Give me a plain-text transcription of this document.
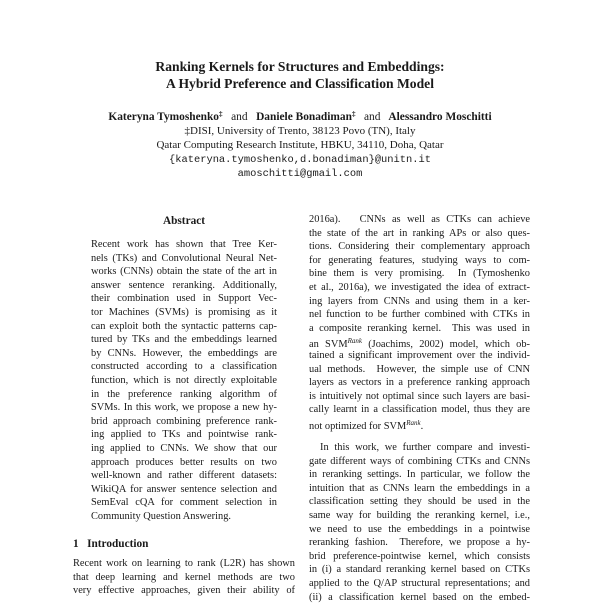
Ranking Kernels for Structures and Embeddings:
A Hybrid Preference and Classification Model
Kateryna Tymoshenko‡ and Daniele Bonadiman‡ and Alessandro Moschitti
‡DISI, University of Trento, 38123 Povo (TN), Italy
Qatar Computing Research Institute, HBKU, 34110, Doha, Qatar
{kateryna.tymoshenko,d.bonadiman}@unitn.it
amoschitti@gmail.com
Abstract
Recent work has shown that Tree Ker-
nels (TKs) and Convolutional Neural Net-
works (CNNs) obtain the state of the art in
answer sentence reranking. Additionally,
their combination used in Support Vec-
tor Machines (SVMs) is promising as it
can exploit both the syntactic patterns cap-
tured by TKs and the embeddings learned
by CNNs. However, the embeddings are
constructed according to a classification
function, which is not directly exploitable
in the preference ranking algorithm of
SVMs. In this work, we propose a new hy-
brid approach combining preference rank-
ing applied to TKs and pointwise rank-
ing applied to CNNs. We show that our
approach produces better results on two
well-known and rather different datasets:
WikiQA for answer sentence selection and
SemEval cQA for comment selection in
Community Question Answering.
1   Introduction
Recent work on learning to rank (L2R) has shown
that deep learning and kernel methods are two
very effective approaches, given their ability of
2016a).   CNNs as well as CTKs can achieve
the state of the art in ranking APs or also ques-
tions. Considering their complementary approach
for generating features, studying ways to com-
bine them is very promising.  In (Tymoshenko
et al., 2016a), we investigated the idea of extract-
ing layers from CNNs and using them in a ker-
nel function to be further combined with CTKs in
a composite reranking kernel.  This was used in
an $SVM^{Rank}$ (Joachims, 2002) model, which ob-
tained a significant improvement over the individ-
ual methods.  However, the simple use of CNN
layers as vectors in a preference ranking approach
is intuitively not optimal since such layers are basi-
cally learnt in a classification model, thus they are
not optimized for $SVM^{Rank}$.
In this work, we further compare and investi-
gate different ways of combining CTKs and CNNs
in reranking settings. In particular, we follow the
intuition that as CNNs learn the embeddings in a
classification setting they should be used in the
same way for building the reranking kernel, i.e.,
we need to use the embeddings in a pointwise
reranking fashion.  Therefore, we propose a hy-
brid preference-pointwise kernel, which consists
in (i) a standard reranking kernel based on CTKs
applied to the Q/AP structural representations; and
(ii) a classification kernel based on the embed-
